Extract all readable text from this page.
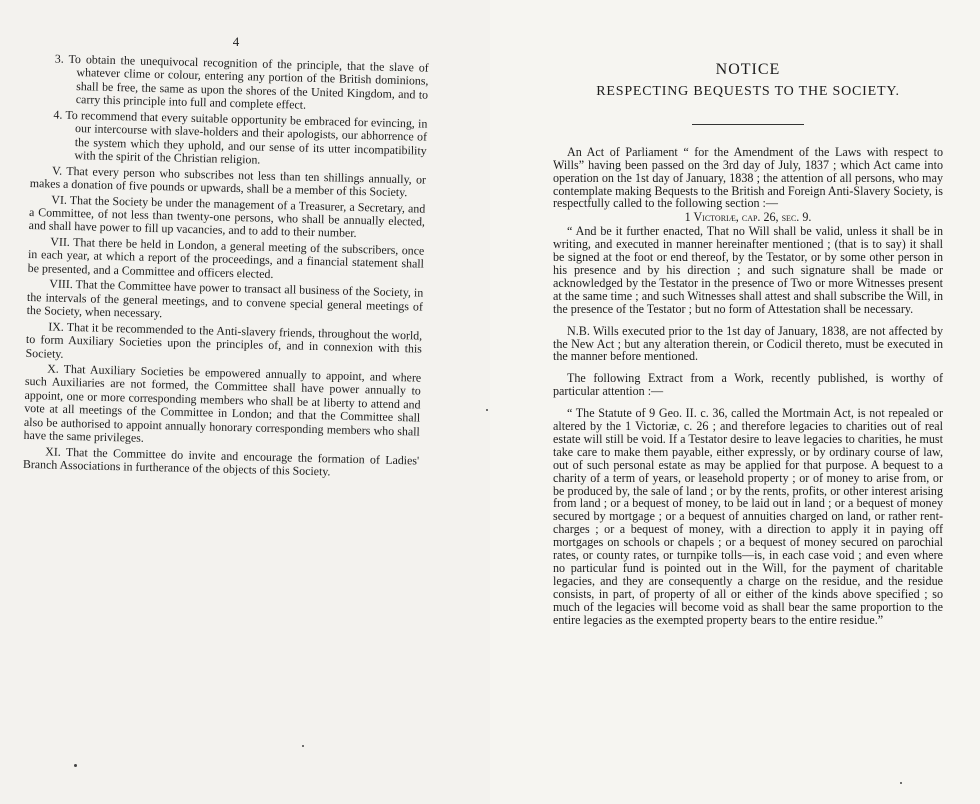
4

3. To obtain the unequivocal recognition of the principle, that the slave of whatever clime or colour, entering any portion of the British dominions, shall be free, the same as upon the shores of the United Kingdom, and to carry this principle into full and complete effect.

4. To recommend that every suitable opportunity be embraced for evincing, in our intercourse with slave-holders and their apologists, our abhorrence of the system which they uphold, and our sense of its utter incompatibility with the spirit of the Christian religion.

V. That every person who subscribes not less than ten shillings annually, or makes a donation of five pounds or upwards, shall be a member of this Society.

VI. That the Society be under the management of a Treasurer, a Secretary, and a Committee, of not less than twenty-one persons, who shall be annually elected, and shall have power to fill up vacancies, and to add to their number.

VII. That there be held in London, a general meeting of the subscribers, once in each year, at which a report of the proceedings, and a financial statement shall be presented, and a Committee and officers elected.

VIII. That the Committee have power to transact all business of the Society, in the intervals of the general meetings, and to convene special general meetings of the Society, when necessary.

IX. That it be recommended to the Anti-slavery friends, throughout the world, to form Auxiliary Societies upon the principles of, and in connexion with this Society.

X. That Auxiliary Societies be empowered annually to appoint, and where such Auxiliaries are not formed, the Committee shall have power annually to appoint, one or more corresponding members who shall be at liberty to attend and vote at all meetings of the Committee in London; and that the Committee shall also be authorised to appoint annually honorary corresponding members who shall have the same privileges.

XI. That the Committee do invite and encourage the formation of Ladies' Branch Associations in furtherance of the objects of this Society.

NOTICE
RESPECTING BEQUESTS TO THE SOCIETY.

An Act of Parliament “ for the Amendment of the Laws with respect to Wills” having been passed on the 3rd day of July, 1837 ; which Act came into operation on the 1st day of January, 1838 ; the attention of all persons, who may contemplate making Bequests to the British and Foreign Anti-Slavery Society, is respectfully called to the following section :—

1 Victoriæ, cap. 26, sec. 9.

“ And be it further enacted, That no Will shall be valid, unless it shall be in writing, and executed in manner hereinafter mentioned ; (that is to say) it shall be signed at the foot or end thereof, by the Testator, or by some other person in his presence and by his direction ; and such signature shall be made or acknowledged by the Testator in the presence of Two or more Witnesses present at the same time ; and such Witnesses shall attest and shall subscribe the Will, in the presence of the Testator ; but no form of Attestation shall be necessary.

N.B. Wills executed prior to the 1st day of January, 1838, are not affected by the New Act ; but any alteration therein, or Codicil thereto, must be executed in the manner before mentioned.

The following Extract from a Work, recently published, is worthy of particular attention :—

“ The Statute of 9 Geo. II. c. 36, called the Mortmain Act, is not repealed or altered by the 1 Victoriæ, c. 26 ; and therefore legacies to charities out of real estate will still be void. If a Testator desire to leave legacies to charities, he must take care to make them payable, either expressly, or by ordinary course of law, out of such personal estate as may be applied for that purpose. A bequest to a charity of a term of years, or leasehold property ; or of money to arise from, or be produced by, the sale of land ; or by the rents, profits, or other interest arising from land ; or a bequest of money, to be laid out in land ; or a bequest of money secured by mortgage ; or a bequest of annuities charged on land, or rather rent-charges ; or a bequest of money, with a direction to apply it in paying off mortgages on schools or chapels ; or a bequest of money secured on parochial rates, or county rates, or turnpike tolls—is, in each case void ; and even where no particular fund is pointed out in the Will, for the payment of charitable legacies, and they are consequently a charge on the residue, and the residue consists, in part, of property of all or either of the kinds above specified ; so much of the legacies will become void as shall bear the same proportion to the entire legacies as the exempted property bears to the entire residue.”
